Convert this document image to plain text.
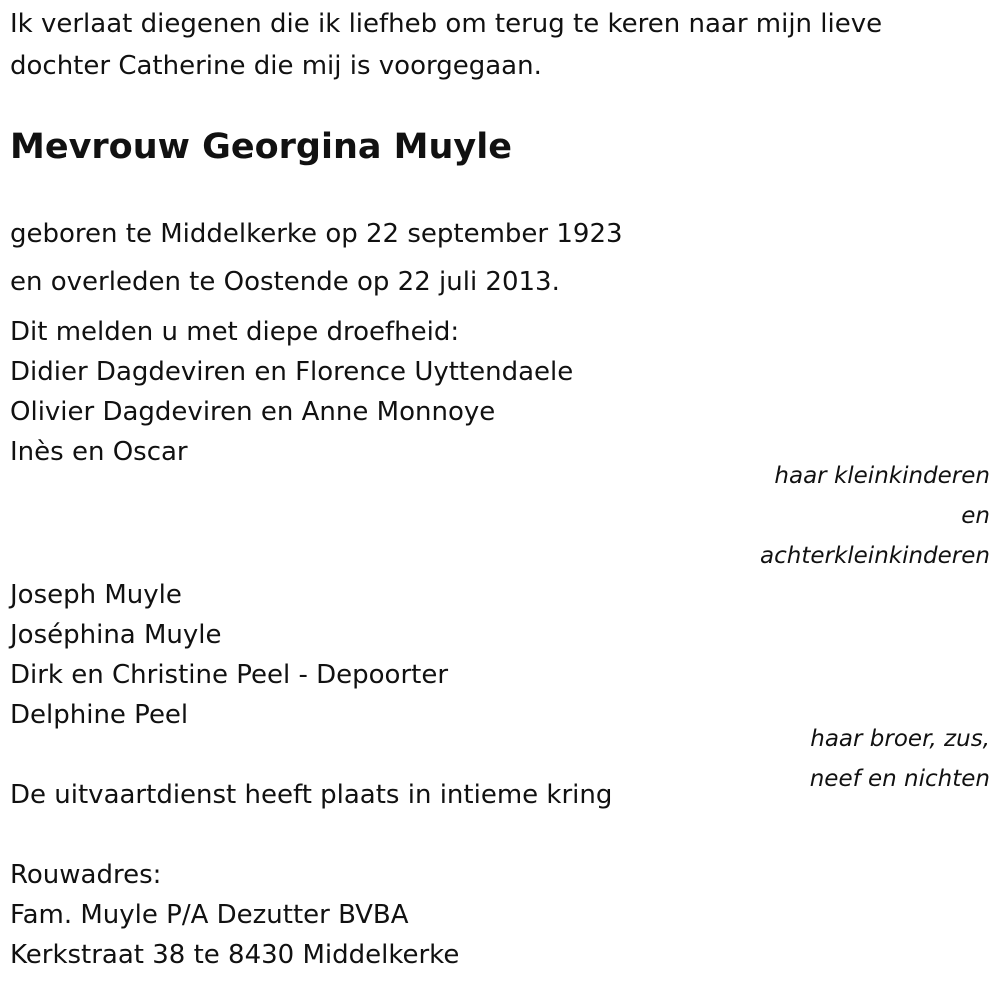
Ik verlaat diegenen die ik liefheb om terug te keren naar mijn lieve
dochter Catherine die mij is voorgegaan.
Mevrouw Georgina Muyle
geboren te Middelkerke op 22 september 1923
en overleden te Oostende op 22 juli 2013.
Dit melden u met diepe droefheid:
Didier Dagdeviren en Florence Uyttendaele
Olivier Dagdeviren en Anne Monnoye
Inès en Oscar
haar kleinkinderen
en
achterkleinkinderen
Joseph Muyle
Joséphina Muyle
Dirk en Christine Peel - Depoorter
Delphine Peel
haar broer, zus,
neef en nichten
De uitvaartdienst heeft plaats in intieme kring
Rouwadres:
Fam. Muyle P/A Dezutter BVBA
Kerkstraat 38 te 8430 Middelkerke
